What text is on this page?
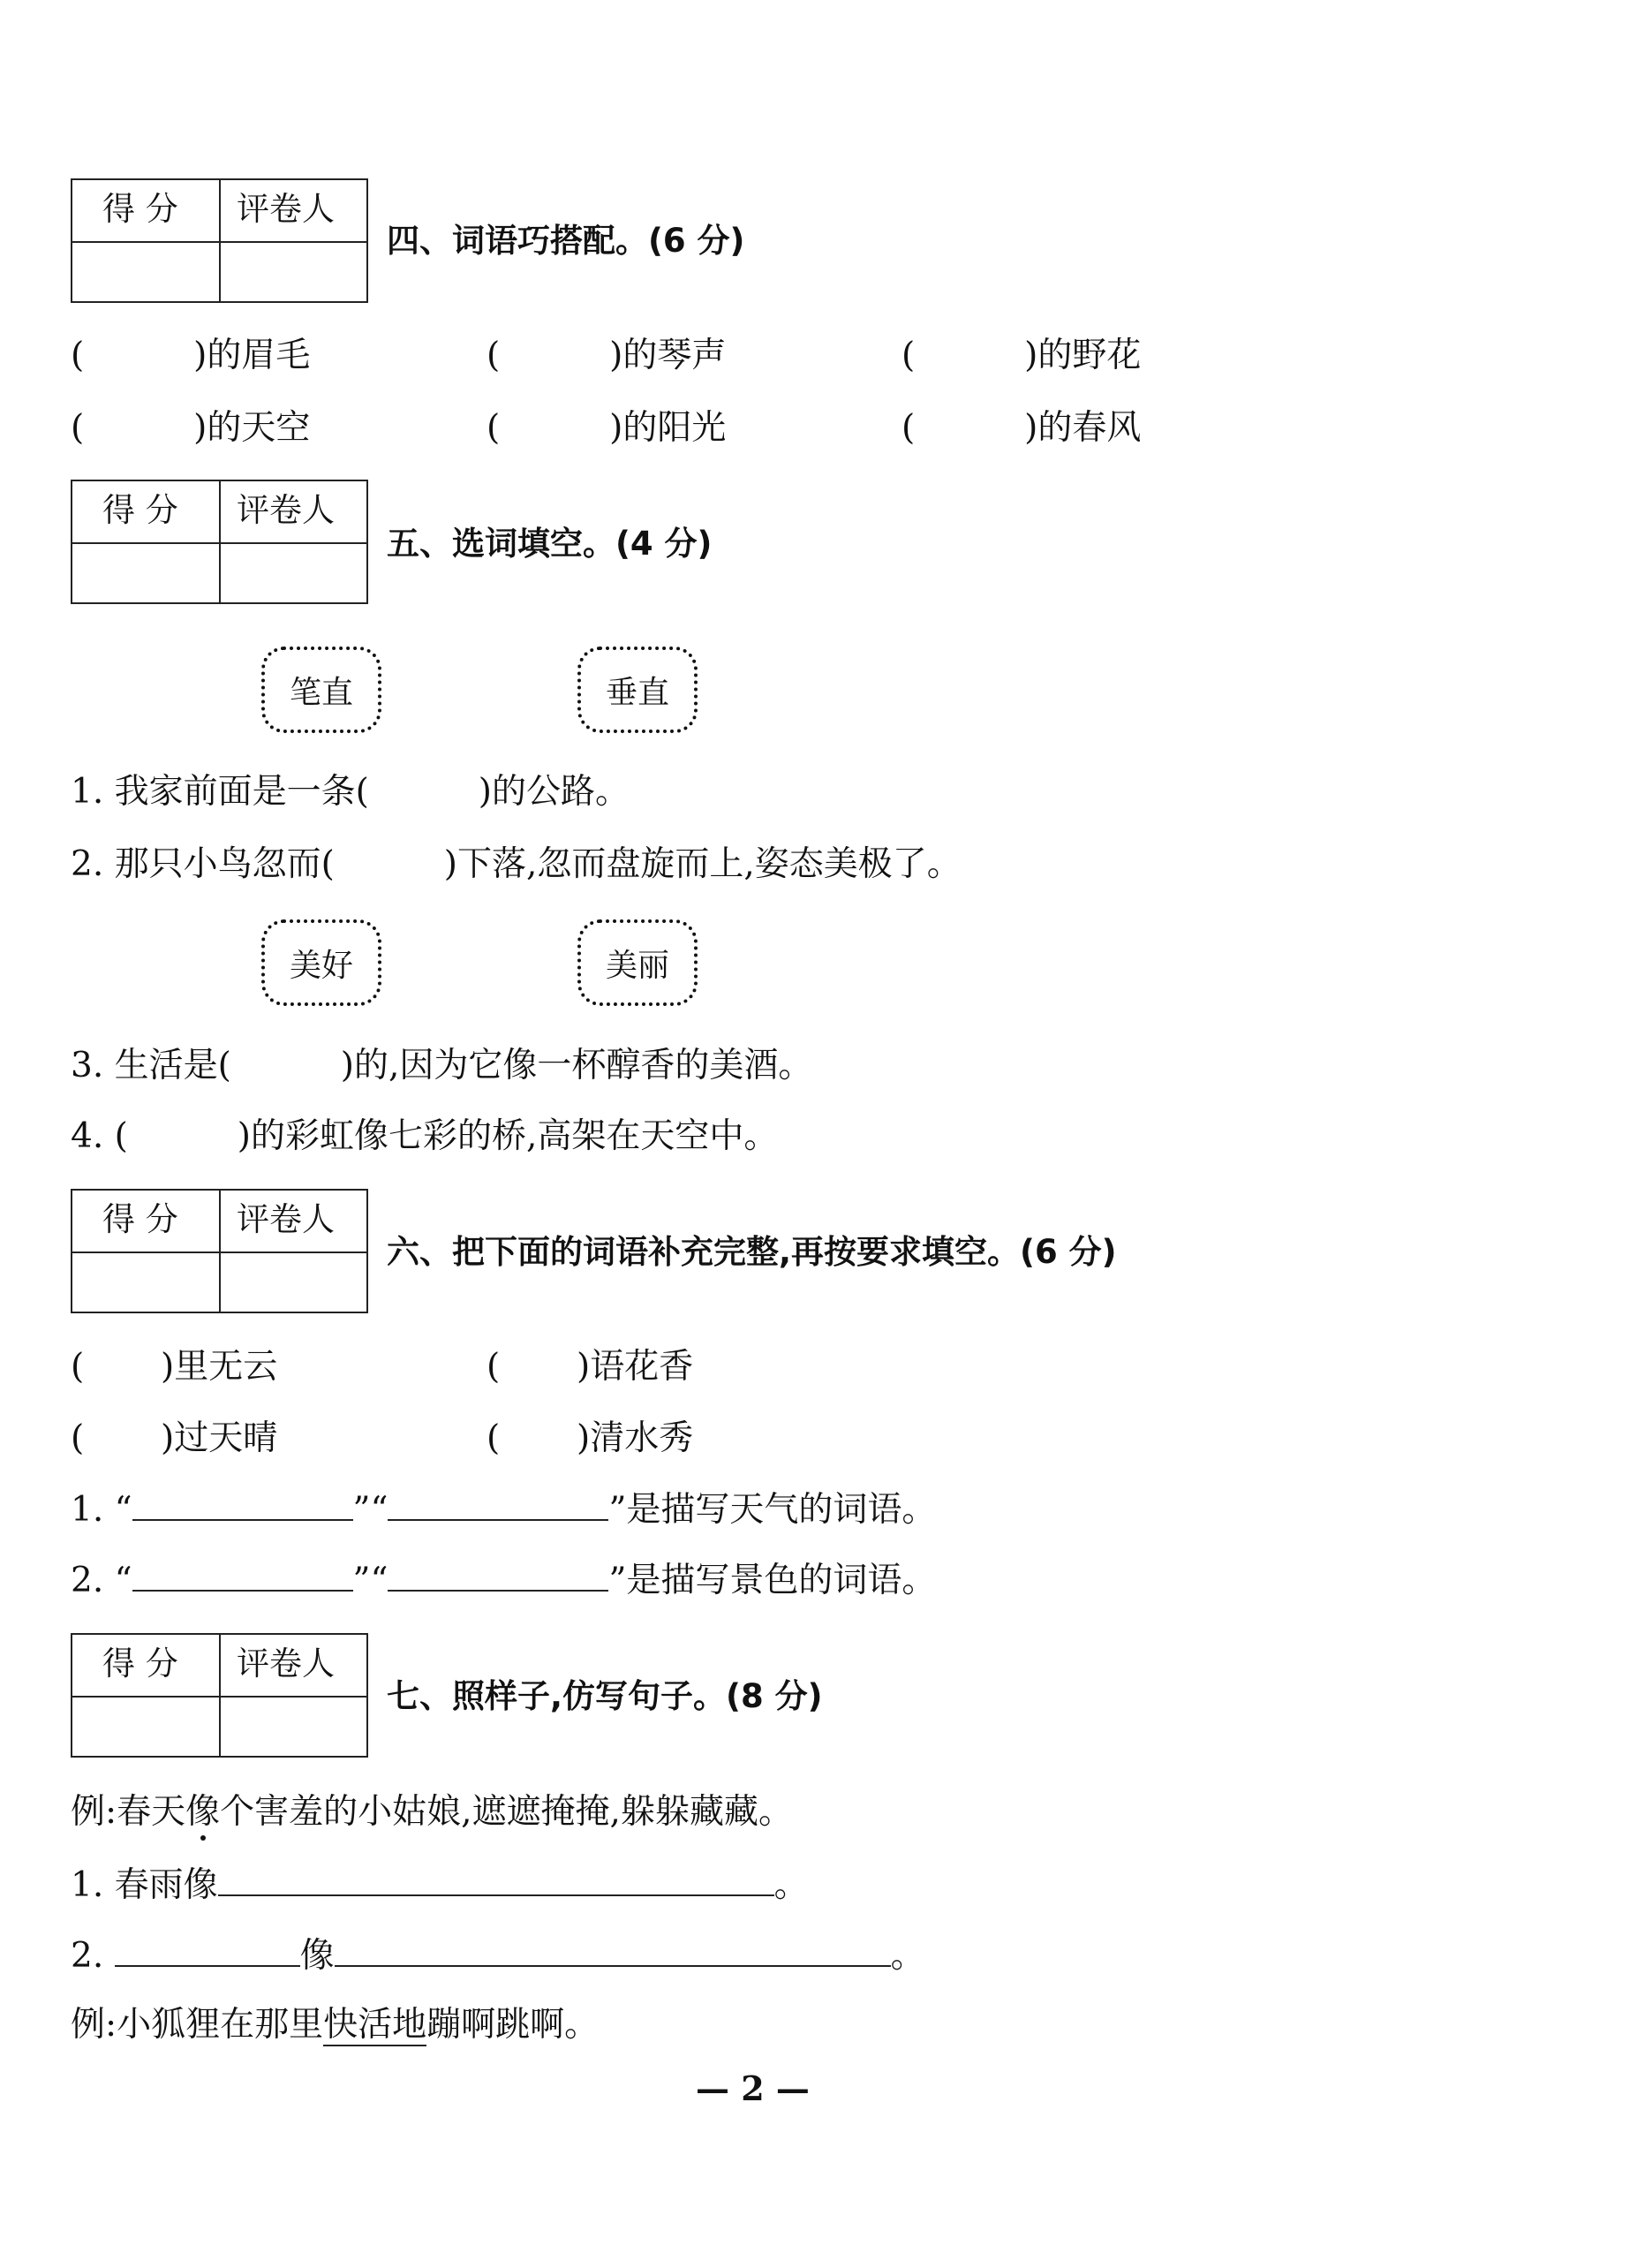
得 分 评卷人
四、词语巧搭配。(6 分)
(          )的眉毛	(          )的琴声	(          )的野花
(          )的天空	(          )的阳光	(          )的春风
得 分 评卷人
五、选词填空。(4 分)
笔直	垂直
1. 我家前面是一条(          )的公路。
2. 那只小鸟忽而(          )下落,忽而盘旋而上,姿态美极了。
美好	美丽
3. 生活是(          )的,因为它像一杯醇香的美酒。
4. (          )的彩虹像七彩的桥,高架在天空中。
得 分 评卷人
六、把下面的词语补充完整,再按要求填空。(6 分)
(       )里无云	(       )语花香
(       )过天晴	(       )清水秀
1. “	”“	”是描写天气的词语。
2. “	”“	”是描写景色的词语。
得 分 评卷人
七、照样子,仿写句子。(8 分)
例:春天像个害羞的小姑娘,遮遮掩掩,躲躲藏藏。
1. 春雨像	。
2.	像	。
例:小狐狸在那里快活地蹦啊跳啊。
— 2 —
